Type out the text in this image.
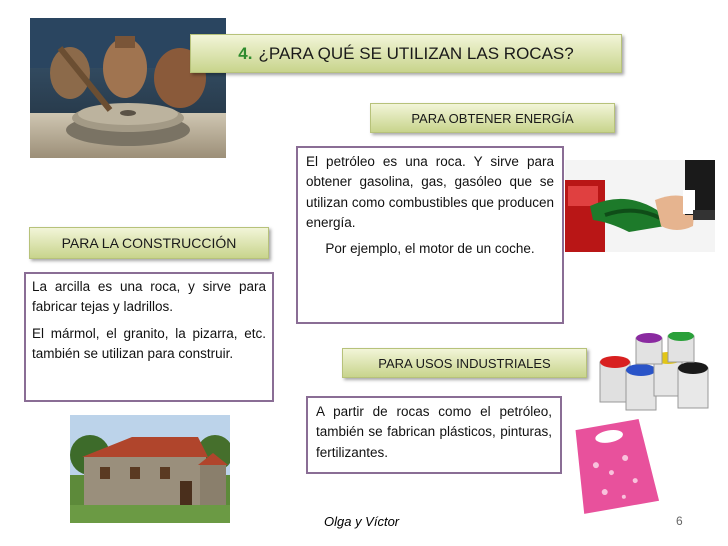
4. ¿PARA QUÉ SE UTILIZAN LAS ROCAS?
PARA OBTENER ENERGÍA

El petróleo es una roca. Y sirve para obtener gasolina, gas, gasóleo que se utilizan como combustibles que producen energía.

Por ejemplo, el motor de un coche.

PARA LA CONSTRUCCIÓN

La arcilla es una roca, y sirve para fabricar tejas y ladrillos.

El mármol, el granito, la pizarra, etc. también se utilizan para construir.

PARA USOS INDUSTRIALES

A partir de rocas como el petróleo, también se fabrican plásticos, pinturas, fertilizantes.

Olga y Víctor	6
